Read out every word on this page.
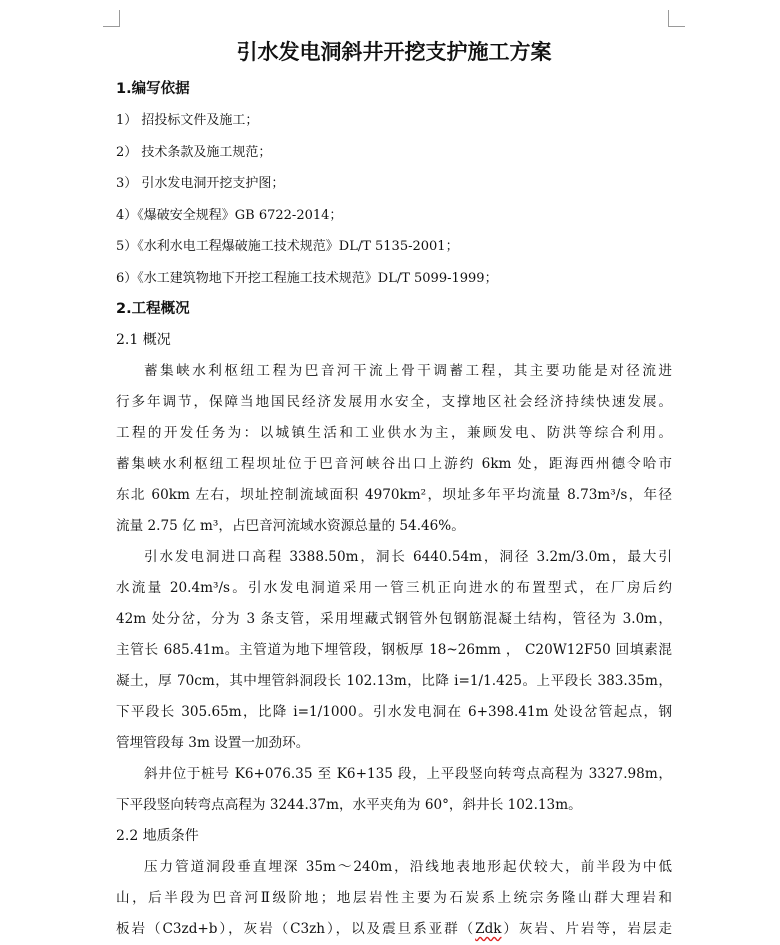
引水发电洞斜井开挖支护施工方案
1.编写依据

1） 招投标文件及施工；

2） 技术条款及施工规范；

3） 引水发电洞开挖支护图；

4）《爆破安全规程》GB 6722-2014；

5）《水利水电工程爆破施工技术规范》DL/T 5135-2001；

6）《水工建筑物地下开挖工程施工技术规范》DL/T 5099-1999；

2.工程概况

2.1 概况

蓄集峡水利枢纽工程为巴音河干流上骨干调蓄工程，其主要功能是对径流进
行多年调节，保障当地国民经济发展用水安全，支撑地区社会经济持续快速发展。
工程的开发任务为：以城镇生活和工业供水为主，兼顾发电、防洪等综合利用。
蓄集峡水利枢纽工程坝址位于巴音河峡谷出口上游约 6km 处，距海西州德令哈市
东北 60km 左右，坝址控制流域面积 4970km²，坝址多年平均流量 8.73m³/s，年径
流量 2.75 亿 m³，占巴音河流域水资源总量的 54.46%。
引水发电洞进口高程 3388.50m，洞长 6440.54m，洞径 3.2m/3.0m，最大引
水流量 20.4m³/s。引水发电洞道采用一管三机正向进水的布置型式，在厂房后约
42m 处分岔，分为 3 条支管，采用埋藏式钢管外包钢筋混凝土结构，管径为 3.0m，
主管长 685.41m。主管道为地下埋管段，钢板厚 18~26mm ， C20W12F50 回填素混
凝土，厚 70cm，其中埋管斜洞段长 102.13m，比降 i=1/1.425。上平段长 383.35m，
下平段长 305.65m，比降 i=1/1000。引水发电洞在 6+398.41m 处设岔管起点，钢
管埋管段每 3m 设置一加劲环。
斜井位于桩号 K6+076.35 至 K6+135 段，上平段竖向转弯点高程为 3327.98m，
下平段竖向转弯点高程为 3244.37m，水平夹角为 60°，斜井长 102.13m。

2.2 地质条件

压力管道洞段垂直埋深 35m～240m，沿线地表地形起伏较大，前半段为中低
山，后半段为巴音河Ⅱ级阶地；地层岩性主要为石炭系上统宗务隆山群大理岩和
板岩（C3zd+b），灰岩（C3zh），以及震旦系亚群（Zdk）灰岩、片岩等，岩层走
